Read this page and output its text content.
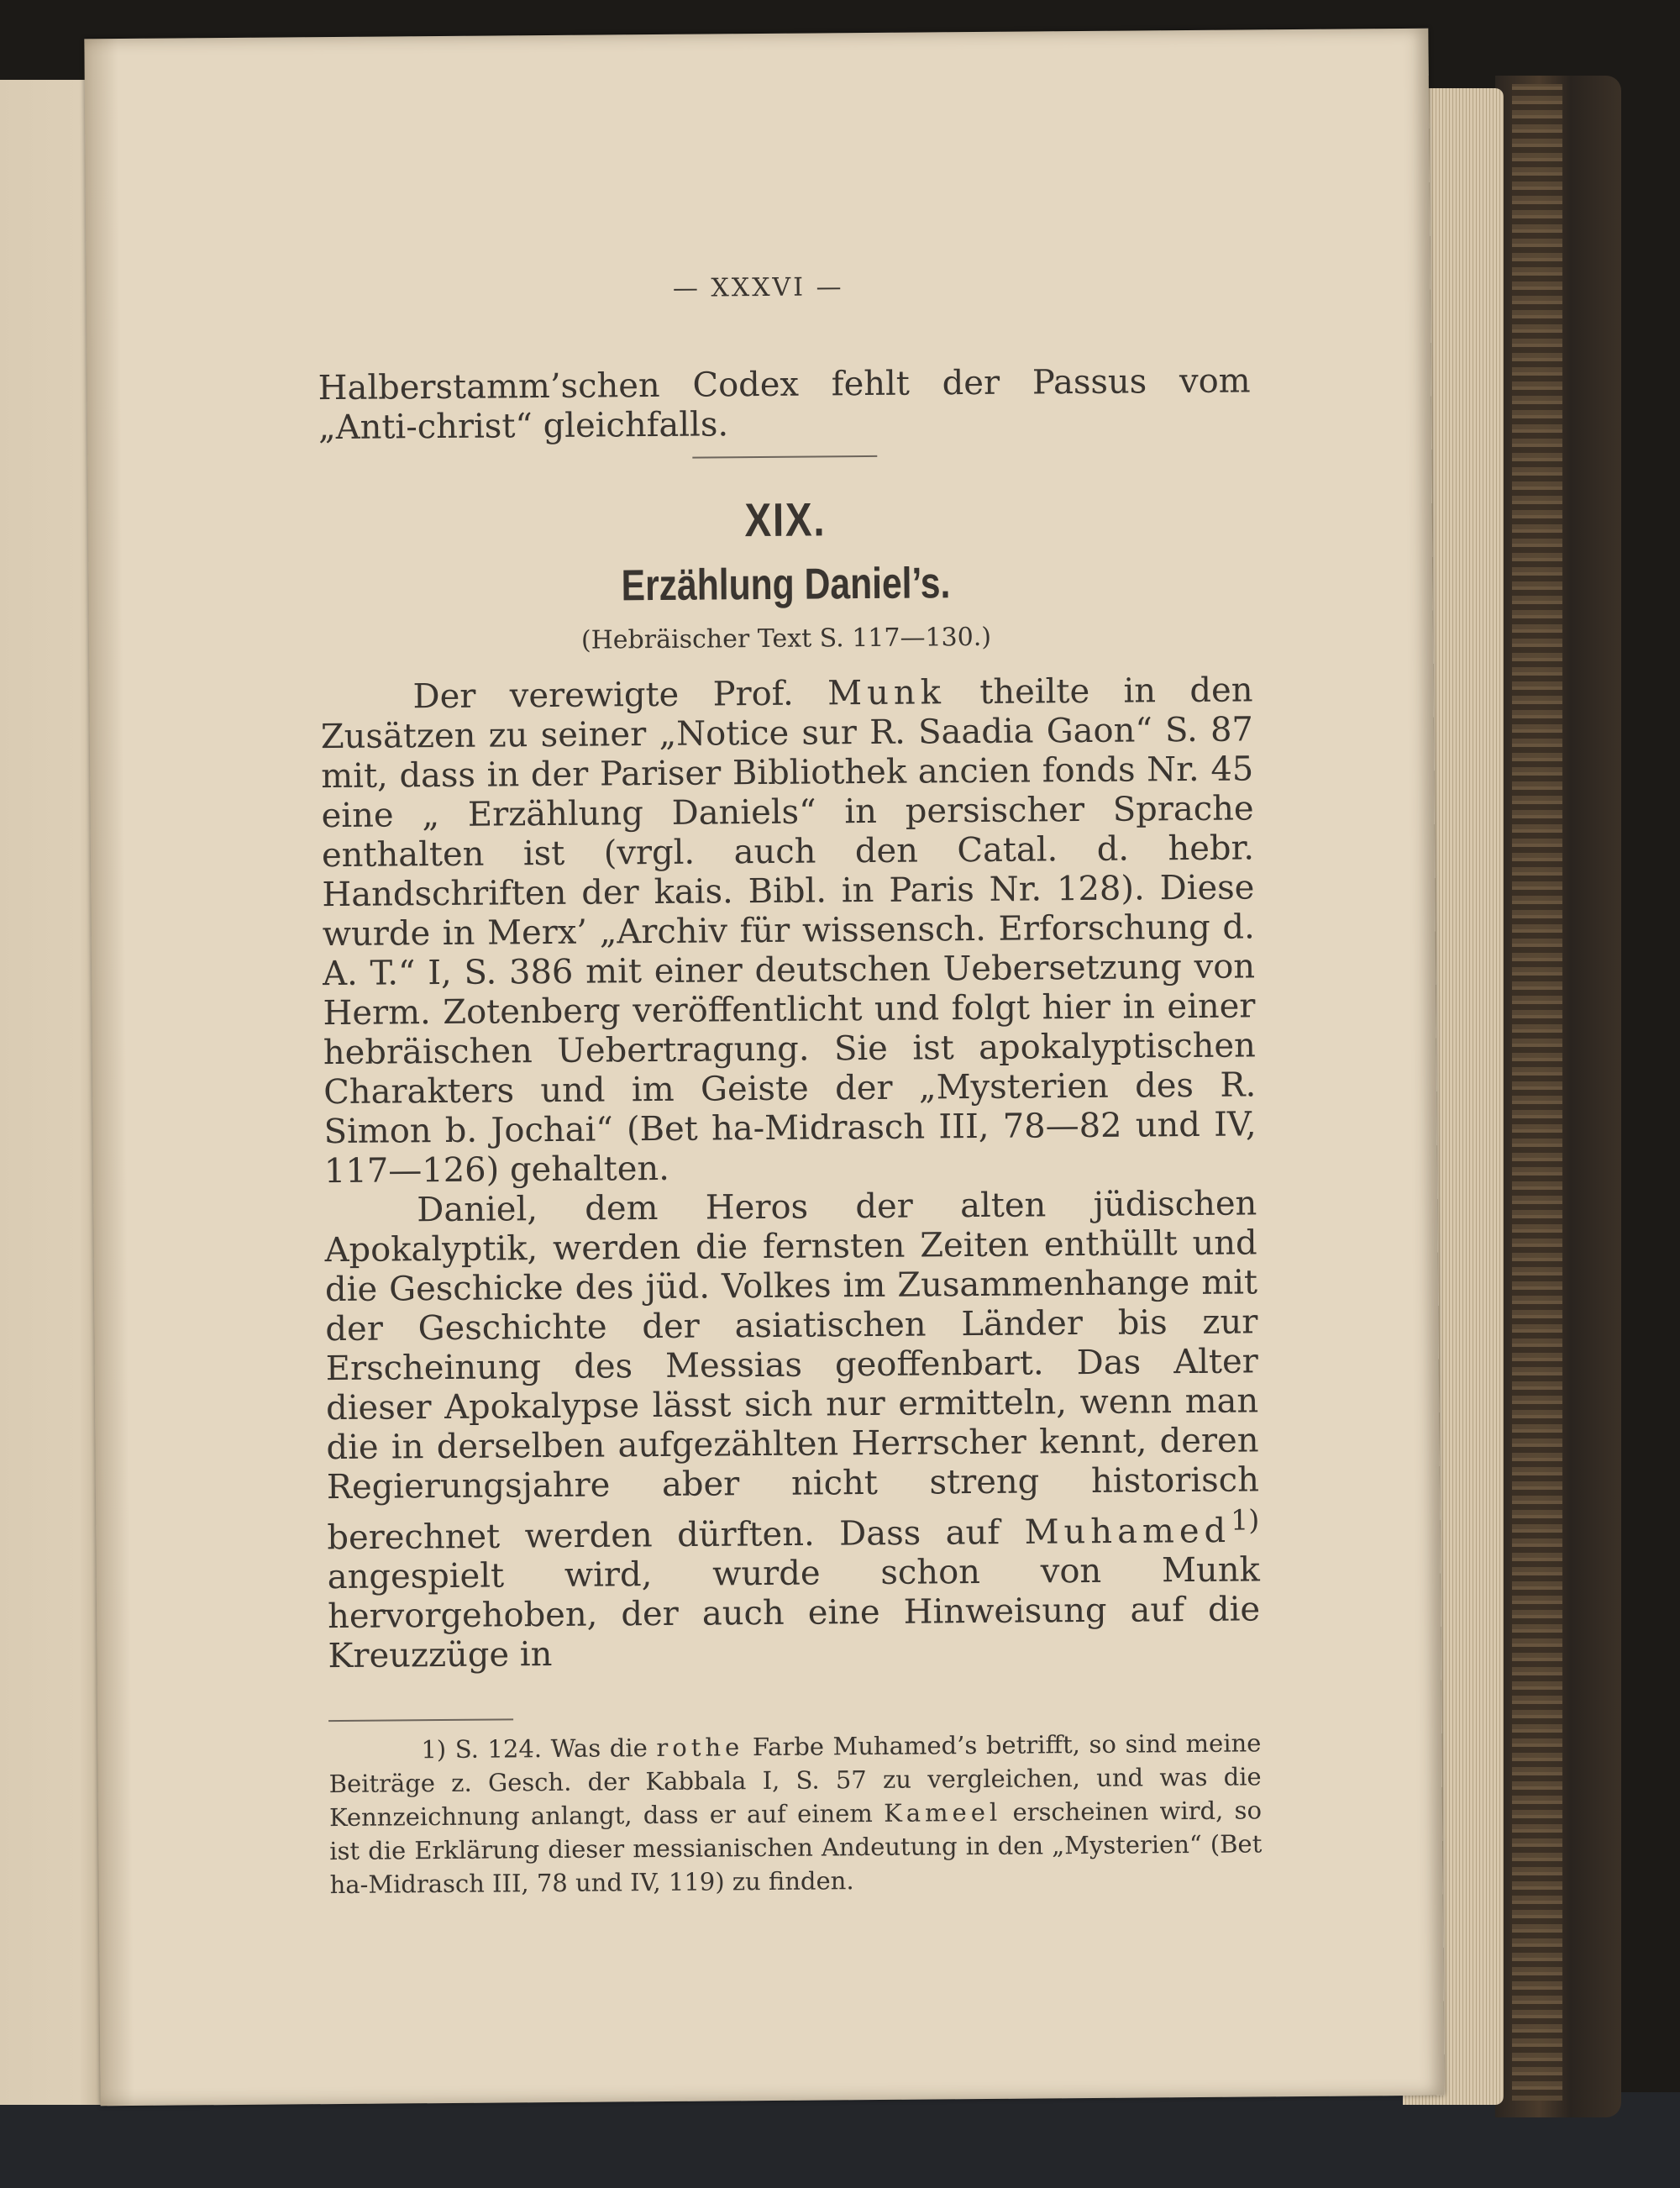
— XXXVI —

Halberstamm’schen Codex fehlt der Passus vom „Anti-christ“ gleichfalls.

XIX.
Erzählung Daniel’s.
(Hebräischer Text S. 117—130.)

Der verewigte Prof. Munk theilte in den Zusätzen zu seiner „Notice sur R. Saadia Gaon“ S. 87 mit, dass in der Pariser Bibliothek ancien fonds Nr. 45 eine „ Erzählung Daniels“ in persischer Sprache enthalten ist (vrgl. auch den Catal. d. hebr. Handschriften der kais. Bibl. in Paris Nr. 128). Diese wurde in Merx’ „Archiv für wissensch. Erforschung d. A. T.“ I, S. 386 mit einer deutschen Uebersetzung von Herm. Zotenberg veröffentlicht und folgt hier in einer hebräischen Uebertragung. Sie ist apokalyptischen Charakters und im Geiste der „Mysterien des R. Simon b. Jochai“ (Bet ha-Midrasch III, 78—82 und IV, 117—126) gehalten.

Daniel, dem Heros der alten jüdischen Apokalyptik, werden die fernsten Zeiten enthüllt und die Geschicke des jüd. Volkes im Zusammenhange mit der Geschichte der asiatischen Länder bis zur Erscheinung des Messias geoffenbart. Das Alter dieser Apokalypse lässt sich nur ermitteln, wenn man die in derselben aufgezählten Herrscher kennt, deren Regierungsjahre aber nicht streng historisch berechnet werden dürften. Dass auf Muhamed$^{1)}$ angespielt wird, wurde schon von Munk hervorgehoben, der auch eine Hinweisung auf die Kreuzzüge in

1) S. 124. Was die rothe Farbe Muhamed’s betrifft, so sind meine Beiträge z. Gesch. der Kabbala I, S. 57 zu vergleichen, und was die Kennzeichnung anlangt, dass er auf einem Kameel erscheinen wird, so ist die Erklärung dieser messianischen Andeutung in den „Mysterien“ (Bet ha-Midrasch III, 78 und IV, 119) zu finden.
